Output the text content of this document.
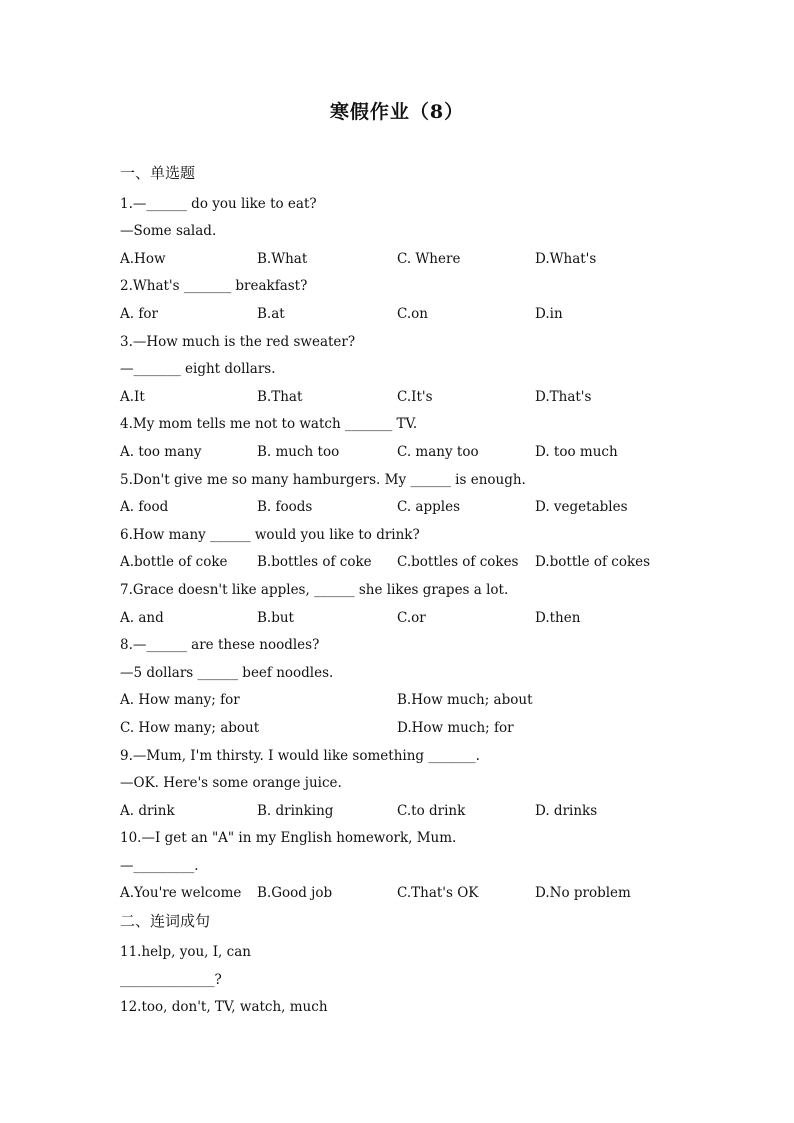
寒假作业（8）
一、单选题
1.—______ do you like to eat?
—Some salad.
A.How	B.What	C. Where	D.What's
2.What's _______ breakfast?
A. for	B.at	C.on	D.in
3.—How much is the red sweater?
—_______ eight dollars.
A.It	B.That	C.It's	D.That's
4.My mom tells me not to watch _______ TV.
A. too many	B. much too	C. many too	D. too much
5.Don't give me so many hamburgers. My ______ is enough.
A. food	B. foods	C. apples	D. vegetables
6.How many ______ would you like to drink?
A.bottle of coke B.bottles of coke C.bottles of cokes D.bottle of cokes
7.Grace doesn't like apples, ______ she likes grapes a lot.
A. and	B.but	C.or	D.then
8.—______ are these noodles?
—5 dollars ______ beef noodles.
A. How many; for	B.How much; about
C. How many; about	D.How much; for
9.—Mum, I'm thirsty. I would like something _______.
—OK. Here's some orange juice.
A. drink	B. drinking	C.to drink	D. drinks
10.—I get an "A" in my English homework, Mum.
—_________.
A.You're welcome B.Good job	C.That's OK	D.No problem
二、连词成句
11.help, you, I, can
______________?
12.too, don't, TV, watch, much
